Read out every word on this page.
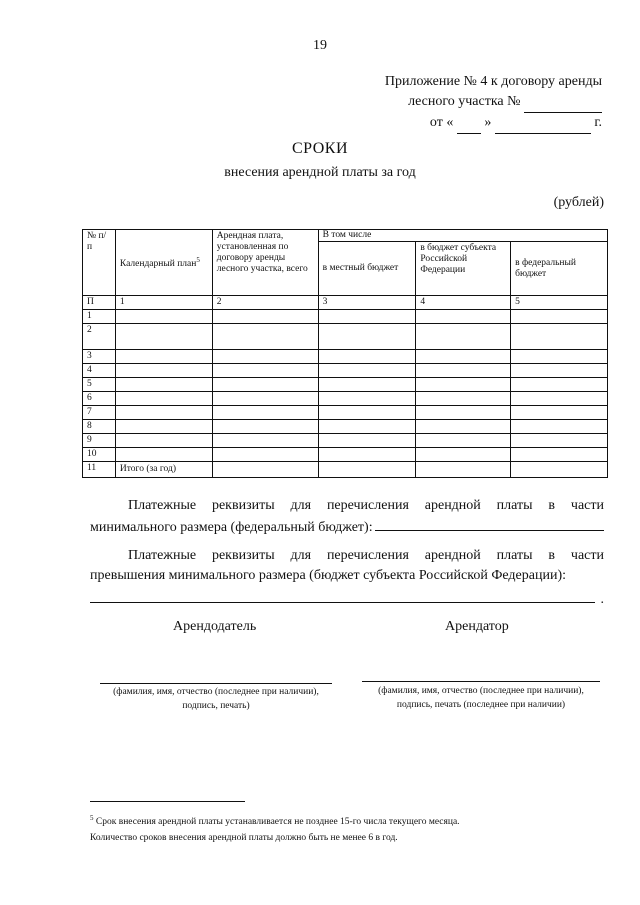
19
Приложение № 4 к договору аренды
лесного участка №
от « »	г.
СРОКИ
внесения арендной платы за год
(рублей)
№ п/п	Календарный план$^5$	Арендная плата, установленная по договору аренды лесного участка, всего	В том числе		
			в местный бюджет	в бюджет субъекта Российской Федерации	в федеральный бюджет
П	1	2	3	4	5
1					
2					
3					
4					
5					
6					
7					
8					
9					
10					
11	Итого (за год)				
Платежные реквизиты для перечисления арендной платы в части
минимального размера (федеральный бюджет):
Платежные реквизиты для перечисления арендной платы в части
превышения минимального размера (бюджет субъекта Российской Федерации):
.
Арендодатель	Арендатор
(фамилия, имя, отчество (последнее при наличии),
подпись, печать)
(фамилия, имя, отчество (последнее при наличии),
подпись, печать (последнее при наличии)
$^5$ Срок внесения арендной платы устанавливается не позднее 15-го числа текущего месяца.
Количество сроков внесения арендной платы должно быть не менее 6 в год.
